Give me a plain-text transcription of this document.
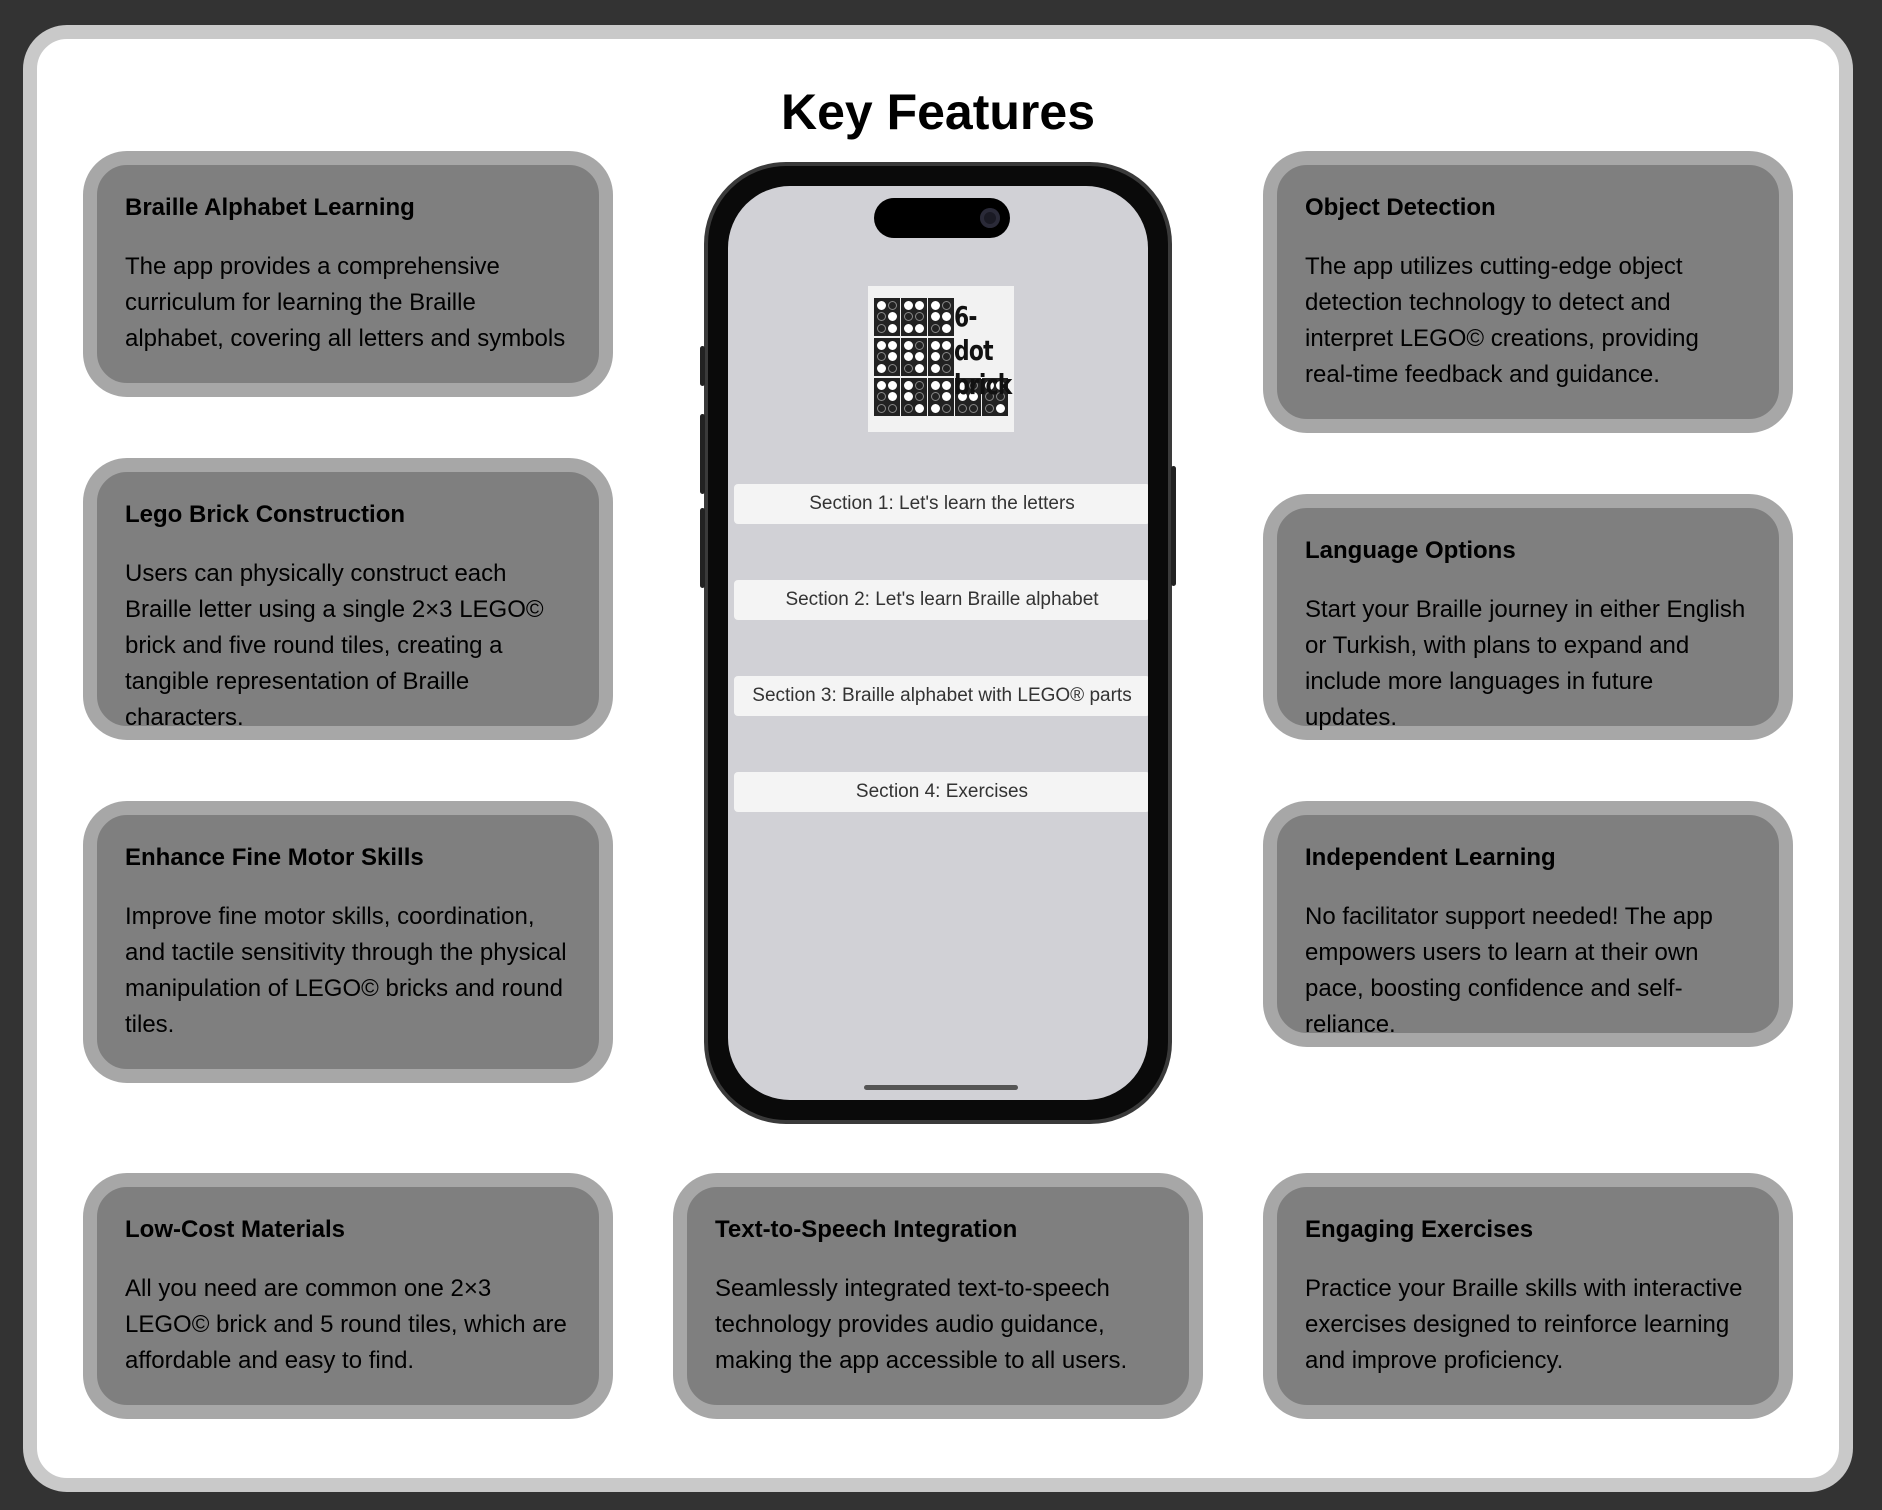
Key Features
Braille Alphabet Learning

The app provides a comprehensive curriculum for learning the Braille alphabet, covering all letters and symbols

Lego Brick Construction

Users can physically construct each Braille letter using a single 2×3 LEGO© brick and five round tiles, creating a tangible representation of Braille characters.

Enhance Fine Motor Skills

Improve fine motor skills, coordination, and tactile sensitivity through the physical manipulation of LEGO© bricks and round tiles.

Low-Cost Materials

All you need are common one 2×3 LEGO© brick and 5 round tiles, which are affordable and easy to find.

Text-to-Speech Integration

Seamlessly integrated text-to-speech technology provides audio guidance, making the app accessible to all users.

Object Detection

The app utilizes cutting-edge object detection technology to detect and interpret LEGO© creations, providing real-time feedback and guidance.

Language Options

Start your Braille journey in either English or Turkish, with plans to expand and include more languages in future updates.

Independent Learning

No facilitator support needed! The app empowers users to learn at their own pace, boosting confidence and self-reliance.

Engaging Exercises

Practice your Braille skills with interactive exercises designed to reinforce learning and improve proficiency.

6-dot
brick
Section 1: Let's learn the letters
Section 2: Let's learn Braille alphabet
Section 3: Braille alphabet with LEGO® parts
Section 4: Exercises
